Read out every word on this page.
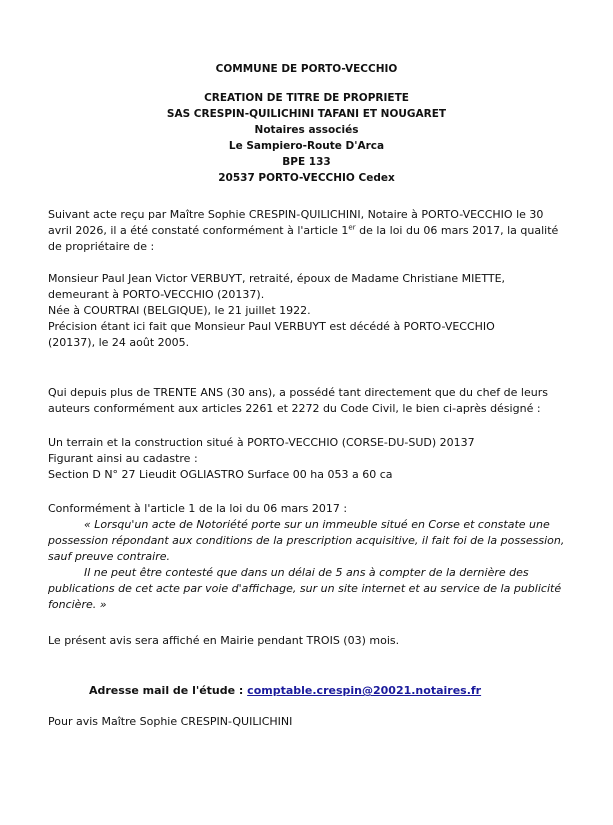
COMMUNE DE PORTO-VECCHIO
CREATION DE TITRE DE PROPRIETE
SAS CRESPIN-QUILICHINI TAFANI ET NOUGARET
Notaires associés
Le Sampiero-Route D'Arca
BPE 133
20537 PORTO-VECCHIO Cedex

Suivant acte reçu par Maître Sophie CRESPIN-QUILICHINI, Notaire à PORTO-VECCHIO le 30

avril 2026, il a été constaté conformément à l'article 1er de la loi du 06 mars 2017, la qualité

de propriétaire de :

Monsieur Paul Jean Victor VERBUYT, retraité, époux de Madame Christiane MIETTE,

demeurant à PORTO-VECCHIO (20137).

Née à COURTRAI (BELGIQUE), le 21 juillet 1922.

Précision étant ici fait que Monsieur Paul VERBUYT est décédé à PORTO-VECCHIO

(20137), le 24 août 2005.

Qui depuis plus de TRENTE ANS (30 ans), a possédé tant directement que du chef de leurs

auteurs conformément aux articles 2261 et 2272 du Code Civil, le bien ci-après désigné :

Un terrain et la construction situé à PORTO-VECCHIO (CORSE-DU-SUD) 20137

Figurant ainsi au cadastre :

Section D N° 27 Lieudit OGLIASTRO Surface 00 ha 053 a 60 ca

Conformément à l'article 1 de la loi du 06 mars 2017 :

« Lorsqu'un acte de Notoriété porte sur un immeuble situé en Corse et constate une

possession répondant aux conditions de la prescription acquisitive, il fait foi de la possession,

sauf preuve contraire.

Il ne peut être contesté que dans un délai de 5 ans à compter de la dernière des

publications de cet acte par voie d'affichage, sur un site internet et au service de la publicité

foncière. »

Le présent avis sera affiché en Mairie pendant TROIS (03) mois.

Adresse mail de l'étude : comptable.crespin@20021.notaires.fr

Pour avis Maître Sophie CRESPIN-QUILICHINI
